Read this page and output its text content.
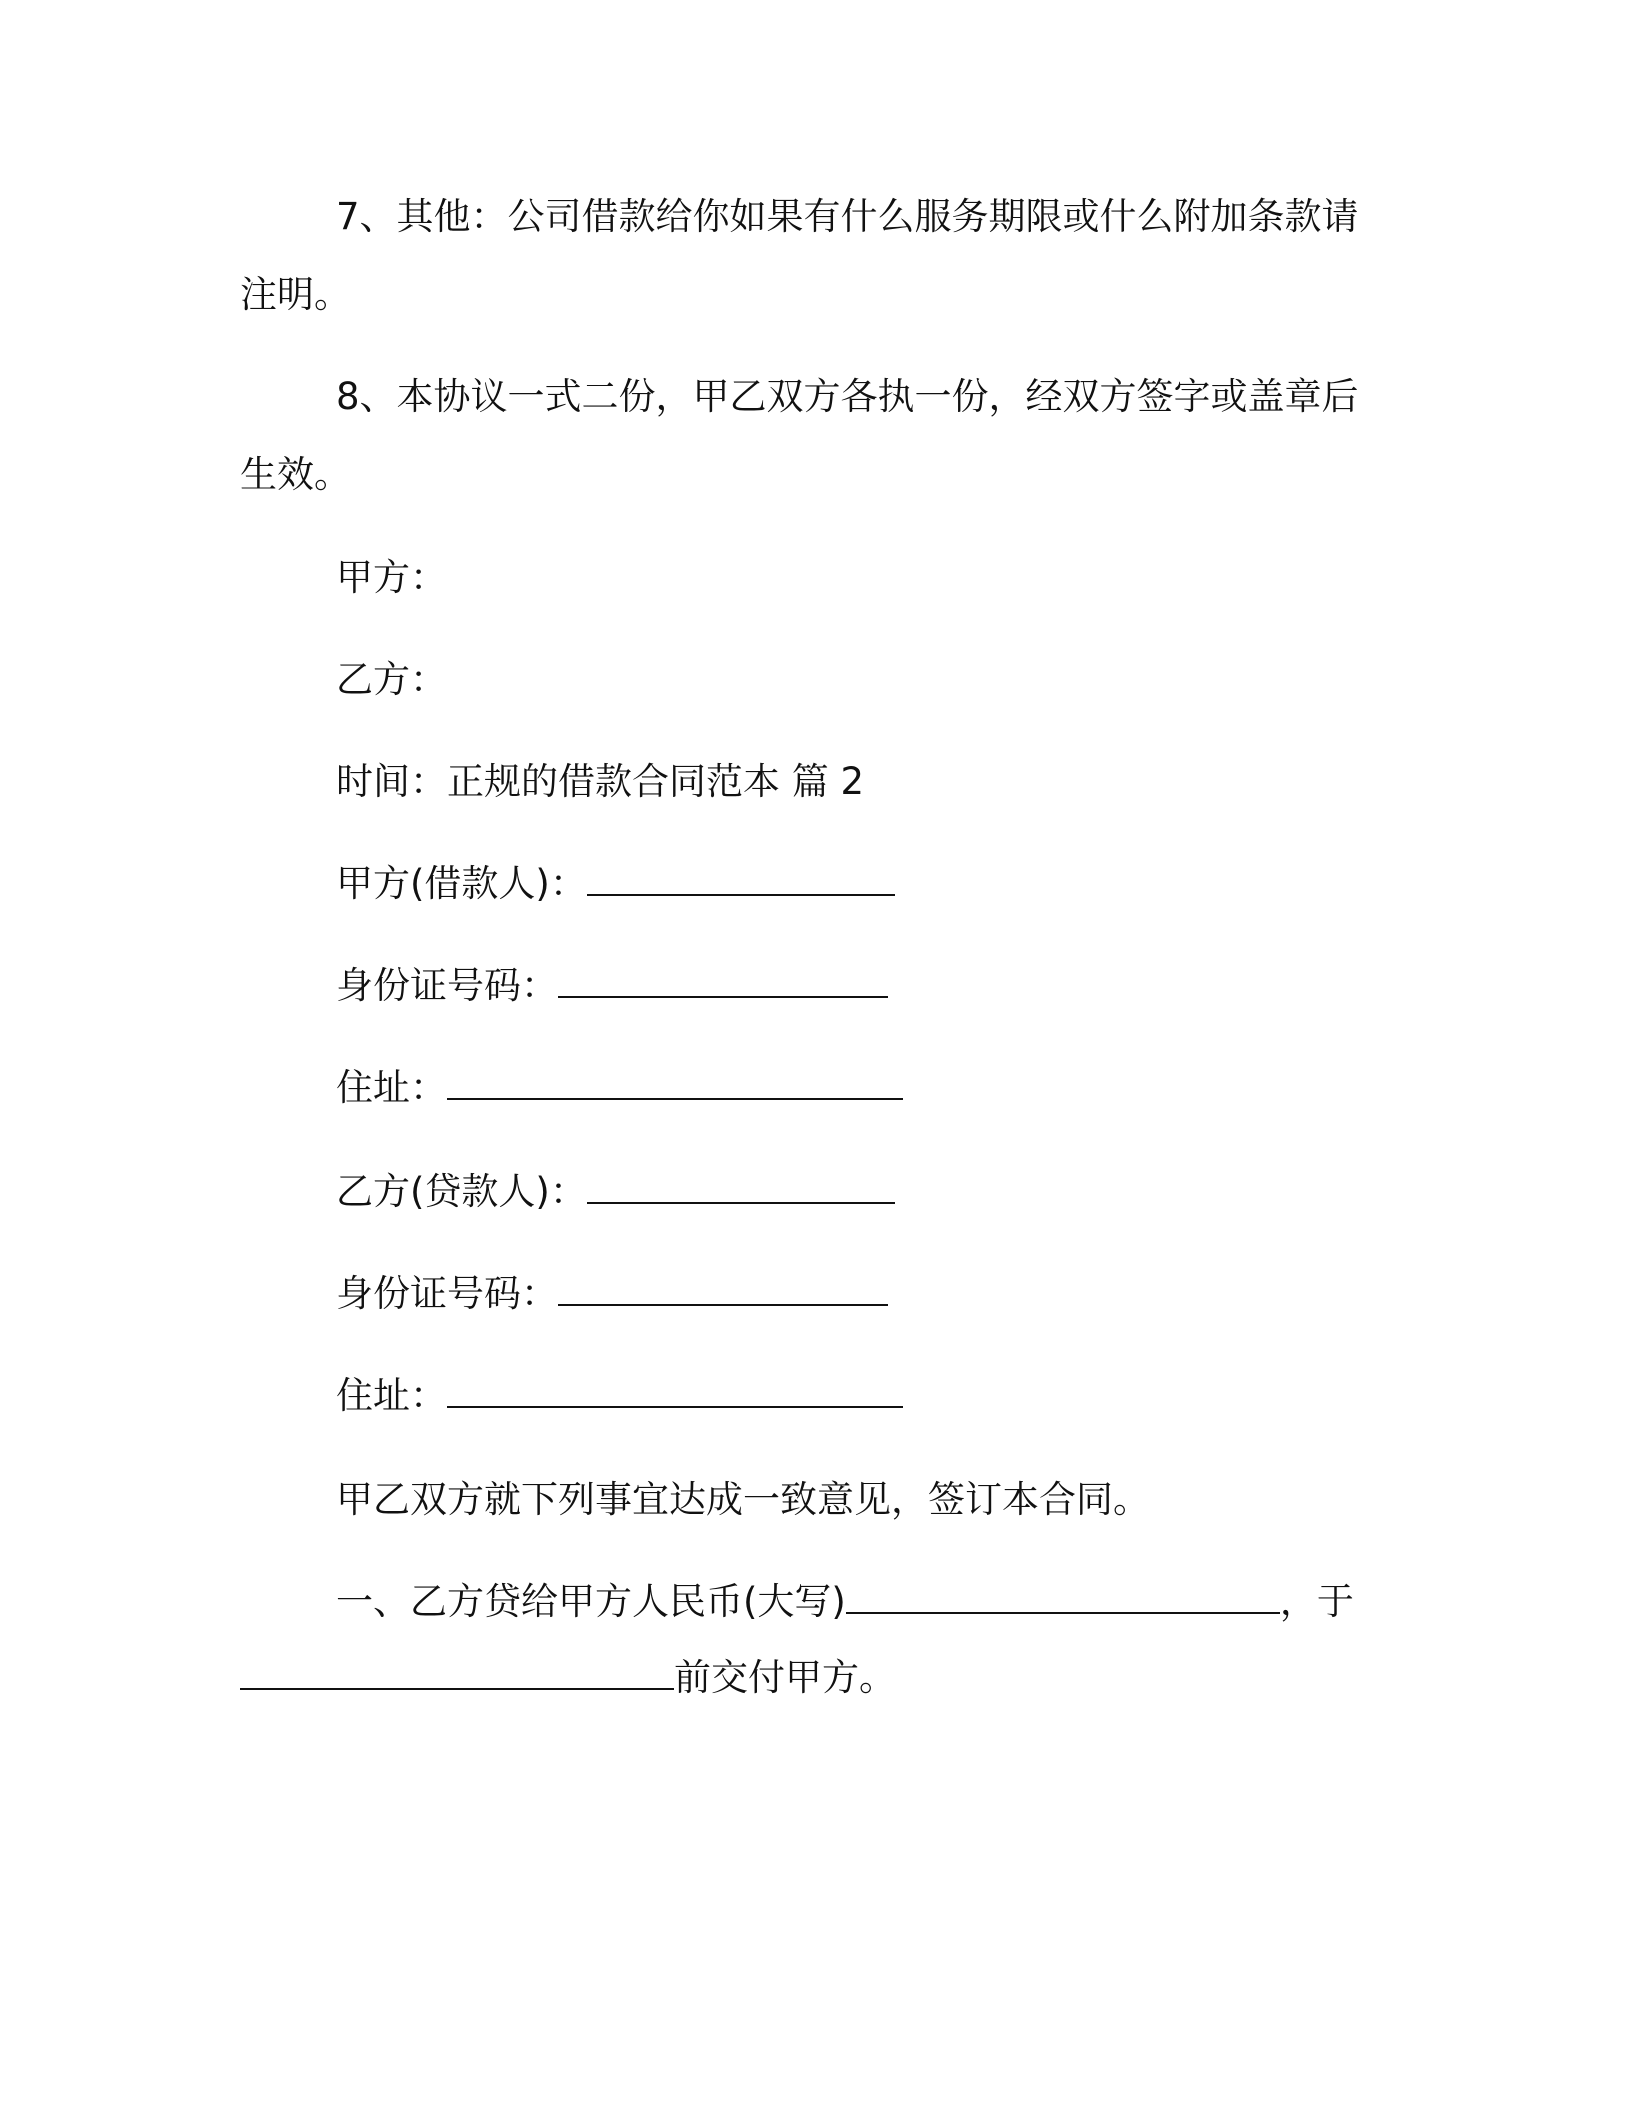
7、其他：公司借款给你如果有什么服务期限或什么附加条款请
注明。
8、本协议一式二份，甲乙双方各执一份，经双方签字或盖章后
生效。
甲方：
乙方：
时间：正规的借款合同范本 篇 2
甲方(借款人)：
身份证号码：
住址：
乙方(贷款人)：
身份证号码：
住址：
甲乙双方就下列事宜达成一致意见，签订本合同。
一、乙方贷给甲方人民币(大写)	，于
前交付甲方。
